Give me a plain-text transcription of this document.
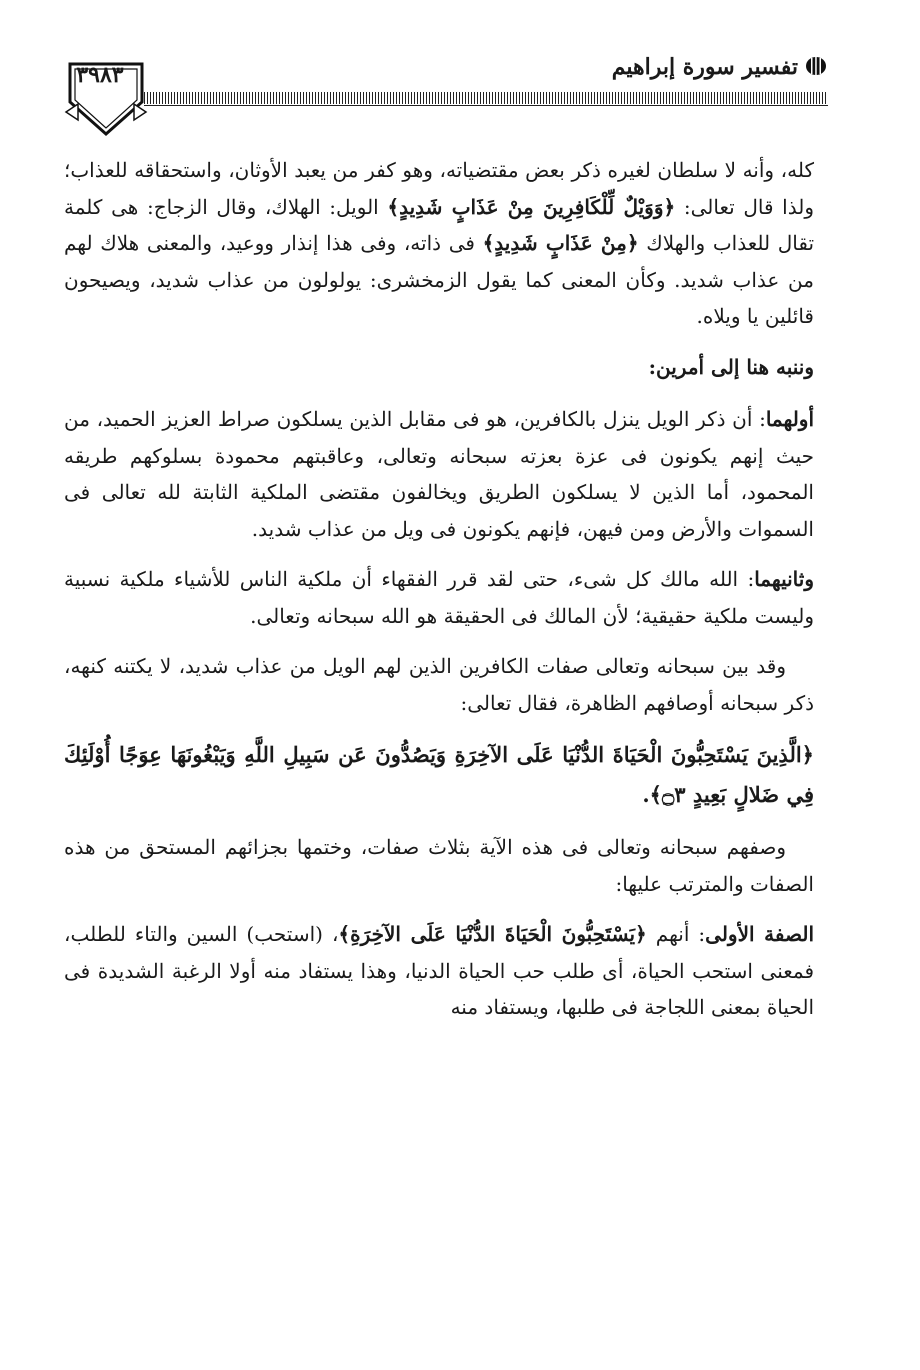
٣٩٨٣	تفسير سورة إبراهيم

كله، وأنه لا سلطان لغيره ذكر بعض مقتضياته، وهو كفر من يعبد الأوثان، واستحقاقه للعذاب؛ ولذا قال تعالى: ﴿وَوَيْلٌ لِّلْكَافِرِينَ مِنْ عَذَابٍ شَدِيدٍ﴾ الويل: الهلاك، وقال الزجاج: هى كلمة تقال للعذاب والهلاك ﴿مِنْ عَذَابٍ شَدِيدٍ﴾ فى ذاته، وفى هذا إنذار ووعيد، والمعنى هلاك لهم من عذاب شديد. وكأن المعنى كما يقول الزمخشرى: يولولون من عذاب شديد، ويصيحون قائلين يا ويلاه.

وننبه هنا إلى أمرين:

أولهما: أن ذكر الويل ينزل بالكافرين، هو فى مقابل الذين يسلكون صراط العزيز الحميد، من حيث إنهم يكونون فى عزة بعزته سبحانه وتعالى، وعاقبتهم محمودة بسلوكهم طريقه المحمود، أما الذين لا يسلكون الطريق ويخالفون مقتضى الملكية الثابتة لله تعالى فى السموات والأرض ومن فيهن، فإنهم يكونون فى ويل من عذاب شديد.

وثانيهما: الله مالك كل شىء، حتى لقد قرر الفقهاء أن ملكية الناس للأشياء ملكية نسبية وليست ملكية حقيقية؛ لأن المالك فى الحقيقة هو الله سبحانه وتعالى.

وقد بين سبحانه وتعالى صفات الكافرين الذين لهم الويل من عذاب شديد، لا يكتنه كنهه، ذكر سبحانه أوصافهم الظاهرة، فقال تعالى:

﴿الَّذِينَ يَسْتَحِبُّونَ الْحَيَاةَ الدُّنْيَا عَلَى الآخِرَةِ وَيَصُدُّونَ عَن سَبِيلِ اللَّهِ وَيَبْغُونَهَا عِوَجًا أُوْلَئِكَ فِي ضَلالٍ بَعِيدٍ ۝٣﴾.

وصفهم سبحانه وتعالى فى هذه الآية بثلاث صفات، وختمها بجزائهم المستحق من هذه الصفات والمترتب عليها:

الصفة الأولى: أنهم ﴿يَسْتَحِبُّونَ الْحَيَاةَ الدُّنْيَا عَلَى الآخِرَةِ﴾، (استحب) السين والتاء للطلب، فمعنى استحب الحياة، أى طلب حب الحياة الدنيا، وهذا يستفاد منه أولا الرغبة الشديدة فى الحياة بمعنى اللجاجة فى طلبها، ويستفاد منه
